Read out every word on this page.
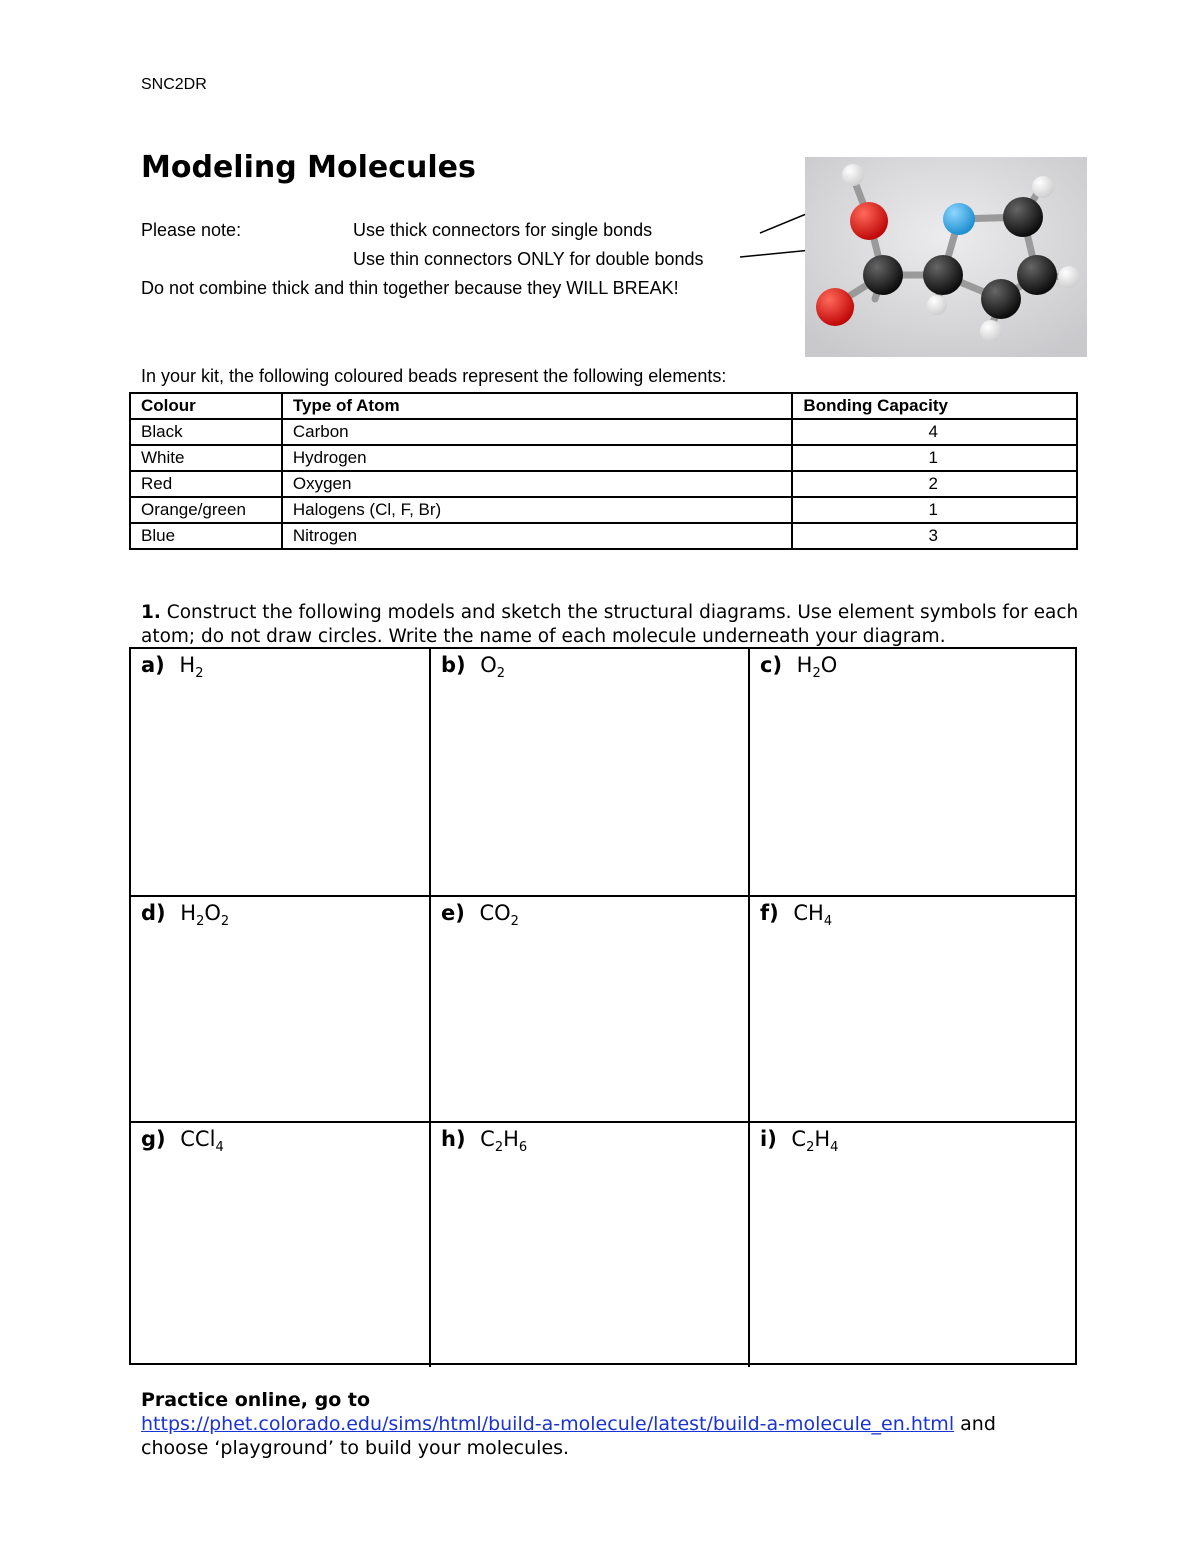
SNC2DR
Modeling Molecules
Please note:	Use thick connectors for single bonds
Use thin connectors ONLY for double bonds
Do not combine thick and thin together because they WILL BREAK!
In your kit, the following coloured beads represent the following elements:
Colour	Type of Atom	Bonding Capacity
Black	Carbon	4
White	Hydrogen	1
Red	Oxygen	2
Orange/green	Halogens (Cl, F, Br)	1
Blue	Nitrogen	3
1. Construct the following models and sketch the structural diagrams. Use element symbols for each atom; do not draw circles. Write the name of each molecule underneath your diagram.
a)  $H_2$	b)  $O_2$	c)  $H_2O$
d)  $H_2O_2$	e)  $CO_2$	f)  $CH_4$
g)  CCl$_4$	h)  $C_2H_6$	i)  $C_2H_4$
Practice online, go to
https://phet.colorado.edu/sims/html/build-a-molecule/latest/build-a-molecule_en.html and
choose ‘playground’ to build your molecules.
